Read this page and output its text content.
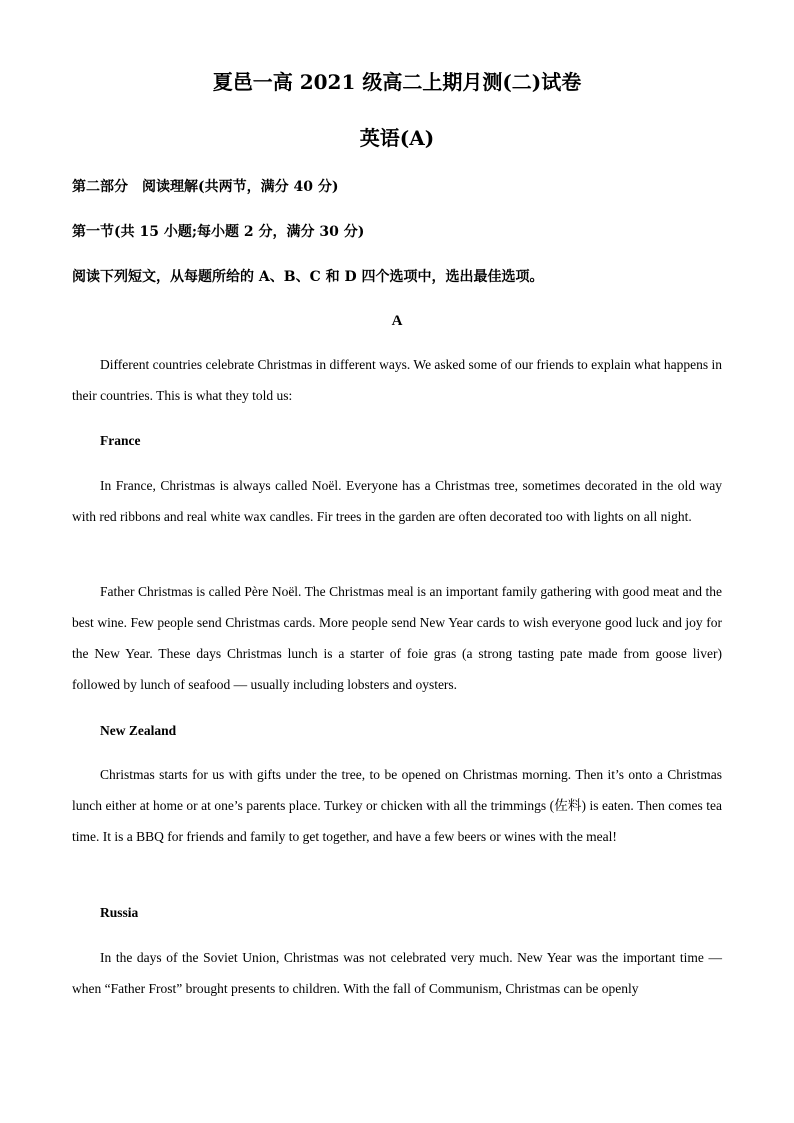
夏邑一高 2021 级高二上期月测(二)试卷
英语(A)
第二部分　阅读理解(共两节，满分 40 分)
第一节(共 15 小题;每小题 2 分，满分 30 分)
阅读下列短文，从每题所给的 A、B、C 和 D 四个选项中，选出最佳选项。
A

Different countries celebrate Christmas in different ways. We asked some of our friends to explain what happens in their countries. This is what they told us:

France

In France, Christmas is always called Noël. Everyone has a Christmas tree, sometimes decorated in the old way with red ribbons and real white wax candles. Fir trees in the garden are often decorated too with lights on all night.

Father Christmas is called Père Noël. The Christmas meal is an important family gathering with good meat and the best wine. Few people send Christmas cards. More people send New Year cards to wish everyone good luck and joy for the New Year. These days Christmas lunch is a starter of foie gras (a strong tasting pate made from goose liver) followed by lunch of seafood — usually including lobsters and oysters.

New Zealand

Christmas starts for us with gifts under the tree, to be opened on Christmas morning. Then it’s onto a Christmas lunch either at home or at one’s parents place. Turkey or chicken with all the trimmings (佐料) is eaten. Then comes tea time. It is a BBQ for friends and family to get together, and have a few beers or wines with the meal!

Russia

In the days of the Soviet Union, Christmas was not celebrated very much. New Year was the important time — when “Father Frost” brought presents to children. With the fall of Communism, Christmas can be openly
